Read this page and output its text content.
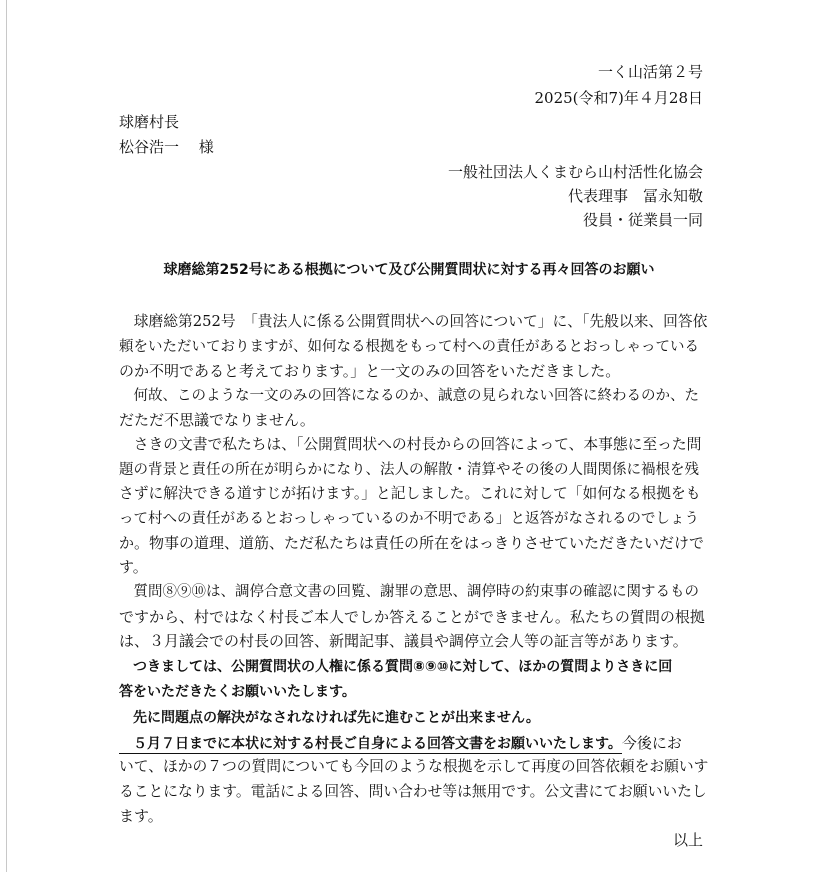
一く山活第２号
2025(令和7)年４月28日
球磨村長
松谷浩一　 様
一般社団法人くまむら山村活性化協会
代表理事　冨永知敬
役員・従業員一同
球磨総第252号にある根拠について及び公開質問状に対する再々回答のお願い
　球磨総第252号　「貴法人に係る公開質問状への回答について」に、「先般以来、回答依
頼をいただいておりますが、如何なる根拠をもって村への責任があるとおっしゃっている
のか不明であると考えております。」と一文のみの回答をいただきました。
　何故、このような一文のみの回答になるのか、誠意の見られない回答に終わるのか、た
だただ不思議でなりません。
　さきの文書で私たちは、「公開質問状への村長からの回答によって、本事態に至った問
題の背景と責任の所在が明らかになり、法人の解散・清算やその後の人間関係に禍根を残
さずに解決できる道すじが拓けます。」と記しました。これに対して「如何なる根拠をも
って村への責任があるとおっしゃっているのか不明である」と返答がなされるのでしょう
か。物事の道理、道筋、ただ私たちは責任の所在をはっきりさせていただきたいだけで
す。
　質問⑧⑨⑩は、調停合意文書の回覧、謝罪の意思、調停時の約束事の確認に関するもの
ですから、村ではなく村長ご本人でしか答えることができません。私たちの質問の根拠
は、３月議会での村長の回答、新聞記事、議員や調停立会人等の証言等があります。
　つきましては、公開質問状の人権に係る質問⑧⑨⑩に対して、ほかの質問よりさきに回
答をいただきたくお願いいたします。
　先に問題点の解決がなされなければ先に進むことが出来ません。
　５月７日までに本状に対する村長ご自身による回答文書をお願いいたします。今後にお
いて、ほかの７つの質問についても今回のような根拠を示して再度の回答依頼をお願いす
ることになります。電話による回答、問い合わせ等は無用です。公文書にてお願いいたし
ます。
以上
